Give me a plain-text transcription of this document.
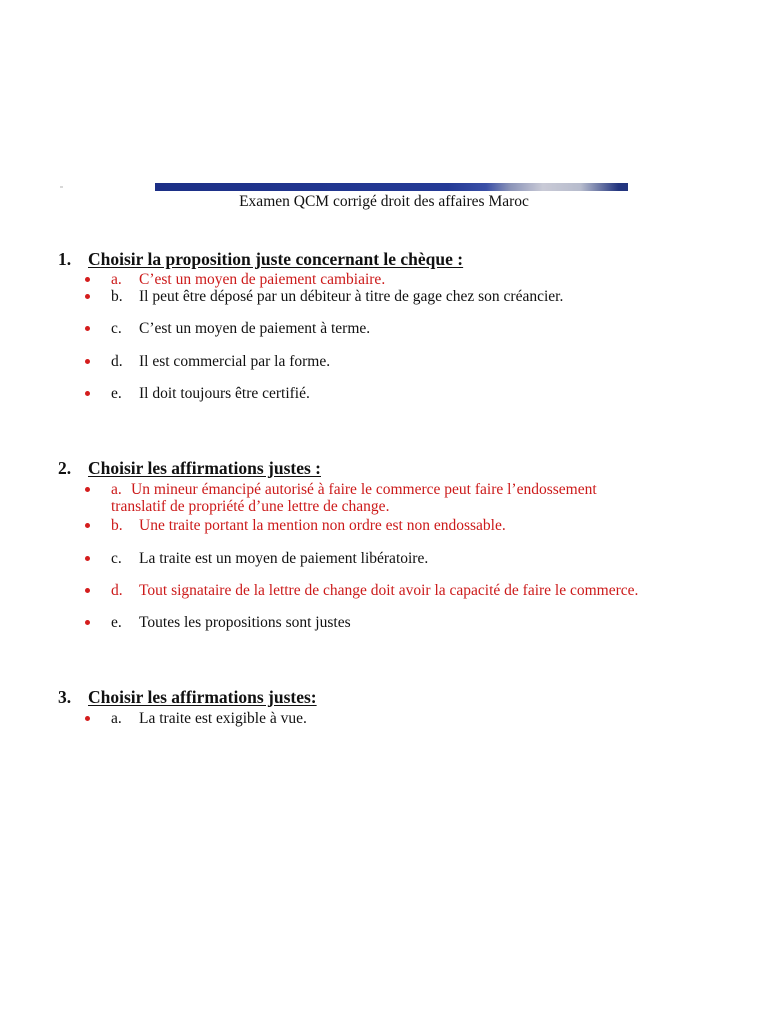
Examen QCM corrigé droit des affaires Maroc
1. Choisir la proposition juste concernant le chèque :
a. C’est un moyen de paiement cambiaire.
b. Il peut être déposé par un débiteur à titre de gage chez son créancier.
c. C’est un moyen de paiement à terme.
d. Il est commercial par la forme.
e. Il doit toujours être certifié.
2. Choisir les affirmations justes :
a. Un mineur émancipé autorisé à faire le commerce peut faire l’endossement
translatif de propriété d’une lettre de change.
b. Une traite portant la mention non ordre est non endossable.
c. La traite est un moyen de paiement libératoire.
d. Tout signataire de la lettre de change doit avoir la capacité de faire le commerce.
e. Toutes les propositions sont justes
3. Choisir les affirmations justes:
a. La traite est exigible à vue.
